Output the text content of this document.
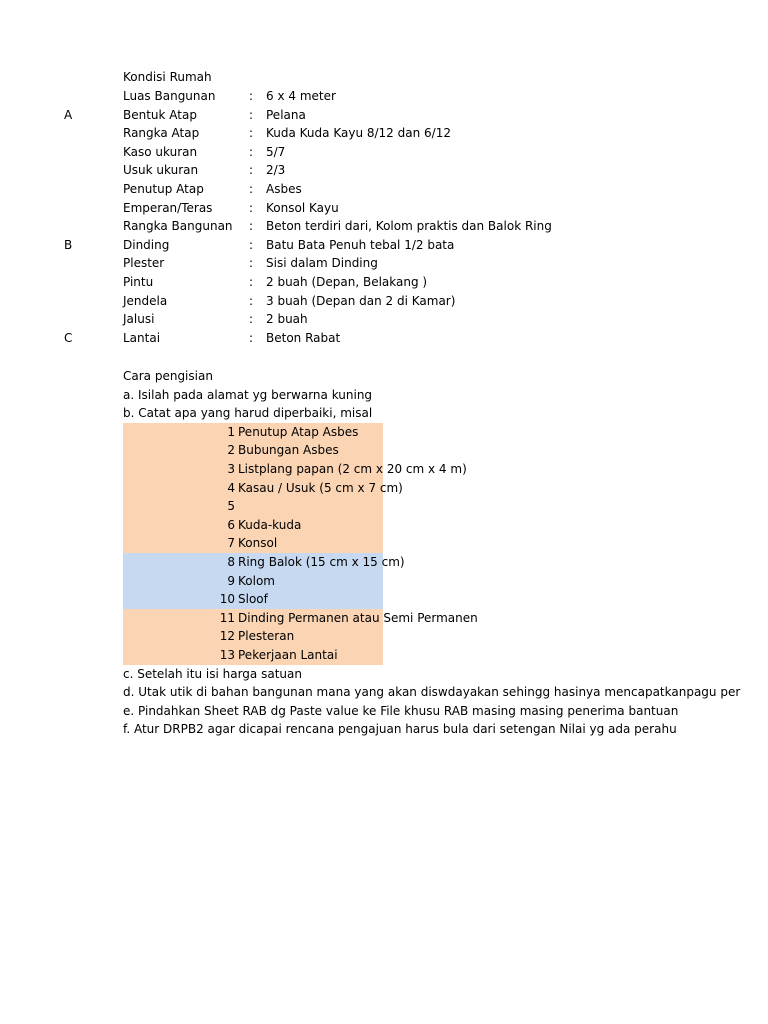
Kondisi Rumah
Luas Bangunan	: 6 x 4 meter
A	Bentuk Atap	: Pelana
Rangka Atap	: Kuda Kuda Kayu 8/12 dan 6/12
Kaso ukuran	: 5/7
Usuk ukuran	: 2/3
Penutup Atap	: Asbes
Emperan/Teras	: Konsol Kayu
Rangka Bangunan : Beton terdiri dari, Kolom praktis dan Balok Ring
B	Dinding	: Batu Bata Penuh tebal 1/2 bata
Plester	: Sisi dalam Dinding
Pintu	: 2 buah (Depan, Belakang )
Jendela	: 3 buah (Depan dan 2 di Kamar)
Jalusi	: 2 buah
C	Lantai	: Beton Rabat
Cara pengisian
a. Isilah pada alamat yg berwarna kuning
b. Catat apa yang harud diperbaiki, misal
1 Penutup Atap Asbes
2 Bubungan Asbes
3 Listplang papan (2 cm x 20 cm x 4 m)
4 Kasau / Usuk (5 cm x 7 cm)
5
6 Kuda-kuda
7 Konsol
8 Ring Balok (15 cm x 15 cm)
9 Kolom
10 Sloof
11 Dinding Permanen atau Semi Permanen
12 Plesteran
13 Pekerjaan Lantai
c. Setelah itu isi harga satuan
d. Utak utik di bahan bangunan mana yang akan diswdayakan sehingg hasinya mencapatkanpagu per
e. Pindahkan Sheet RAB dg Paste value ke File khusu RAB masing masing penerima bantuan
f. Atur DRPB2 agar dicapai rencana pengajuan harus bula dari setengan Nilai yg ada perahu
